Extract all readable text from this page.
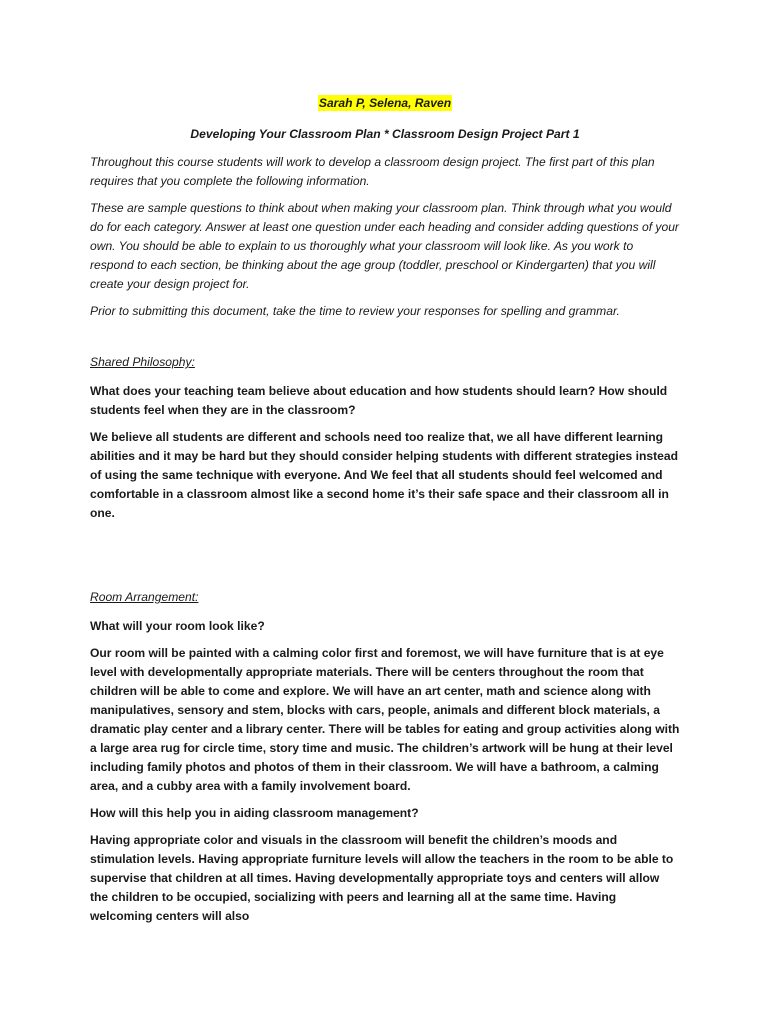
Sarah P, Selena, Raven
Developing Your Classroom Plan * Classroom Design Project Part 1

Throughout this course students will work to develop a classroom design project. The first part of this plan requires that you complete the following information.

These are sample questions to think about when making your classroom plan. Think through what you would do for each category. Answer at least one question under each heading and consider adding questions of your own. You should be able to explain to us thoroughly what your classroom will look like. As you work to respond to each section, be thinking about the age group (toddler, preschool or Kindergarten) that you will create your design project for.

Prior to submitting this document, take the time to review your responses for spelling and grammar.

Shared Philosophy:

What does your teaching team believe about education and how students should learn? How should students feel when they are in the classroom?

We believe all students are different and schools need too realize that, we all have different learning abilities and it may be hard but they should consider helping students with different strategies instead of using the same technique with everyone. And We feel that all students should feel welcomed and comfortable in a classroom almost like a second home it’s their safe space and their classroom all in one.

Room Arrangement:

What will your room look like?

Our room will be painted with a calming color first and foremost, we will have furniture that is at eye level with developmentally appropriate materials. There will be centers throughout the room that children will be able to come and explore. We will have an art center, math and science along with manipulatives, sensory and stem, blocks with cars, people, animals and different block materials, a dramatic play center and a library center. There will be tables for eating and group activities along with a large area rug for circle time, story time and music. The children’s artwork will be hung at their level including family photos and photos of them in their classroom. We will have a bathroom, a calming area, and a cubby area with a family involvement board.

How will this help you in aiding classroom management?

Having appropriate color and visuals in the classroom will benefit the children’s moods and stimulation levels. Having appropriate furniture levels will allow the teachers in the room to be able to supervise that children at all times. Having developmentally appropriate toys and centers will allow the children to be occupied, socializing with peers and learning all at the same time. Having welcoming centers will also
